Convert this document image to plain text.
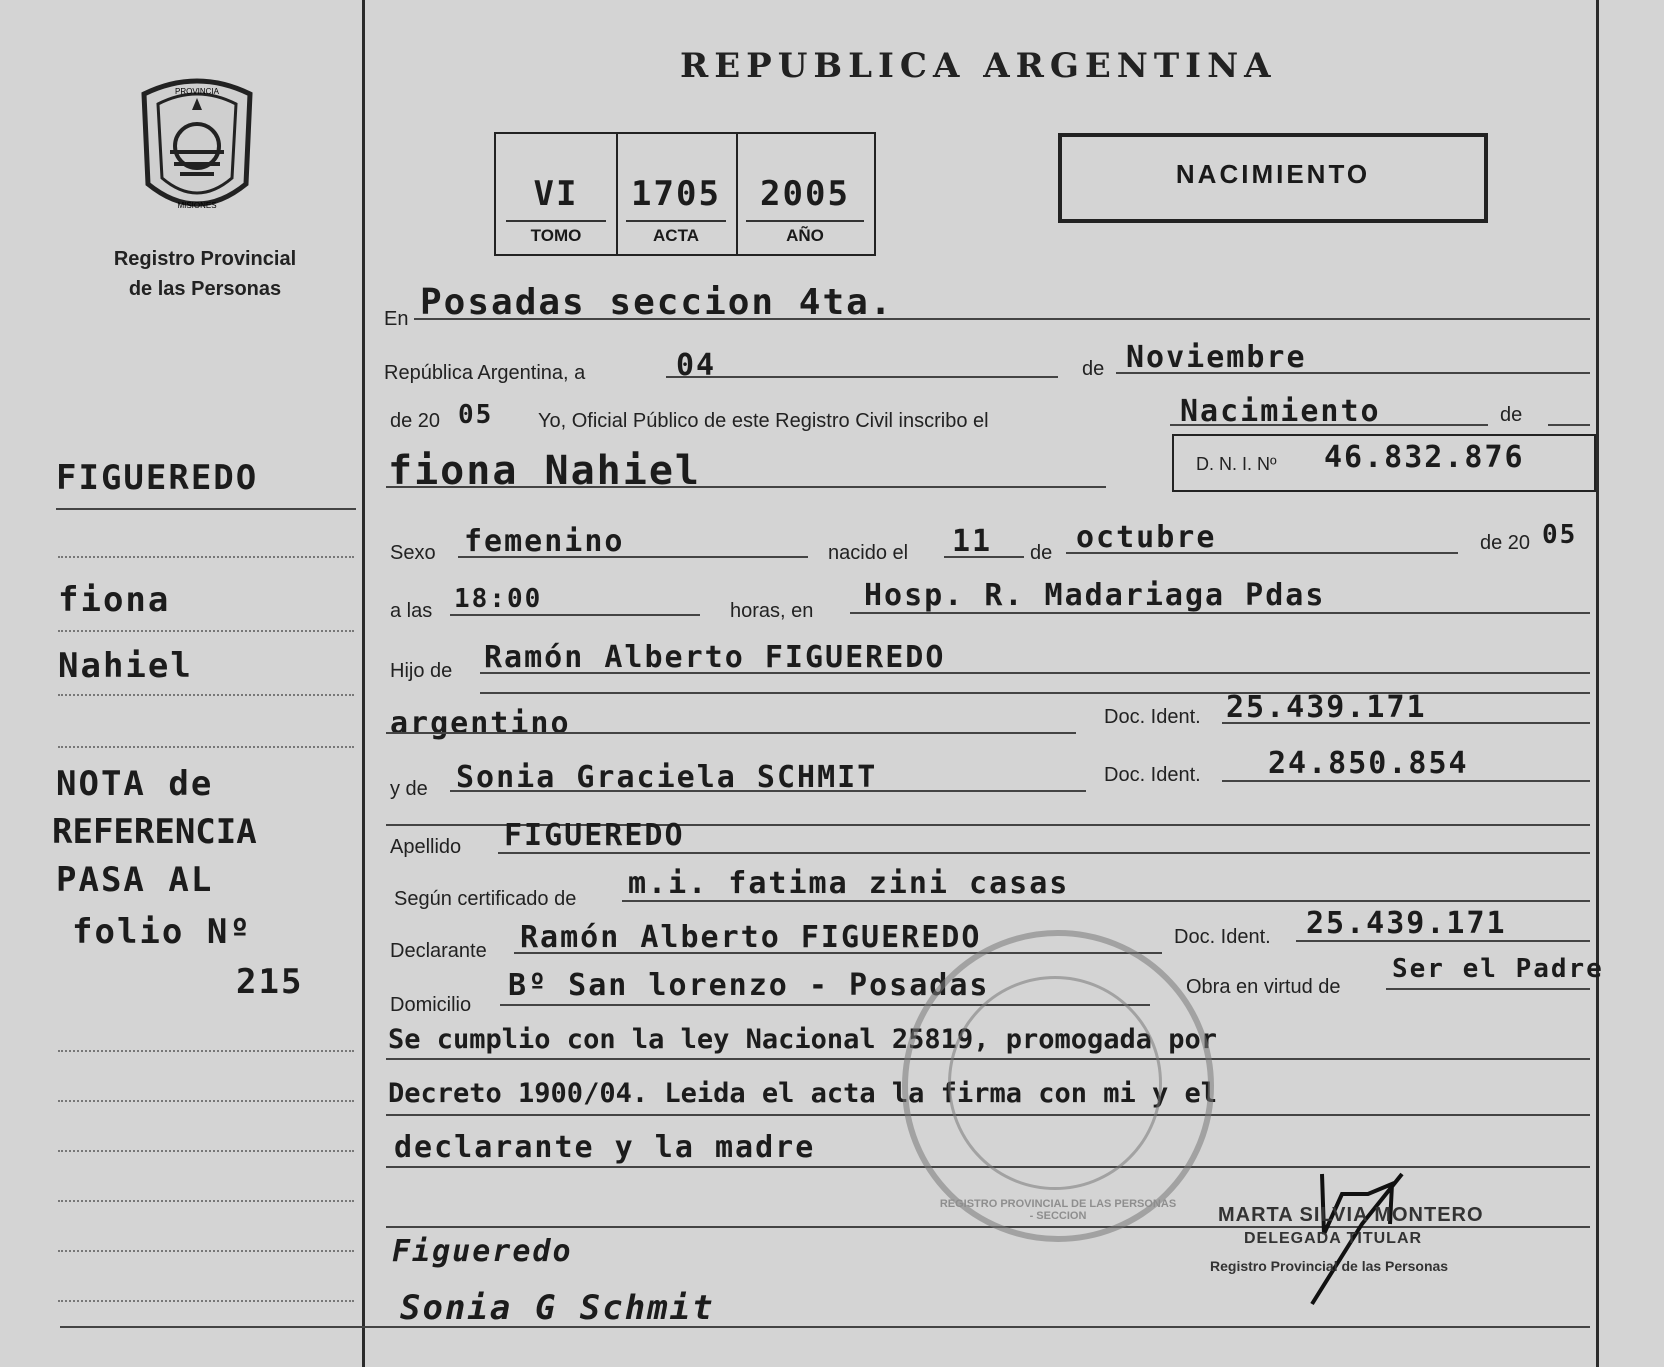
PROVINCIA
MISIONES
Registro Provincial
de las Personas
FIGUEREDO
fiona
Nahiel
NOTA de
REFERENCIA
PASA AL
folio Nº
215
REPUBLICA ARGENTINA
VI
TOMO
1705
ACTA
2005
AÑO
NACIMIENTO
En Posadas seccion 4ta.
República Argentina, a	04	de Noviembre
de 20 05 Yo, Oficial Público de este Registro Civil inscribo el	Nacimiento	de
fiona Nahiel	D. N. I. Nº 46.832.876
Sexo femenino	nacido el 11 de octubre	de 20 05
a las 18:00	horas, en Hosp. R. Madariaga Pdas
Hijo de Ramón Alberto FIGUEREDO
argentino	Doc. Ident. 25.439.171
y de Sonia Graciela SCHMIT	Doc. Ident. 24.850.854
Apellido FIGUEREDO
Según certificado de m.i. fatima zini casas
Declarante Ramón Alberto FIGUEREDO	Doc. Ident. 25.439.171
Domicilio
Bº San lorenzo - Posadas	Obra en virtud de
Ser el Padre
Se cumplio con la ley Nacional 25819, promogada por
Decreto 1900/04. Leida el acta la firma con mi y el
declarante y la madre
REGISTRO PROVINCIAL DE LAS PERSONAS - SECCION	MARTA SILVIA MONTERO
DELEGADA TITULAR
Registro Provincial de las Personas
Figueredo
Sonia G Schmit
